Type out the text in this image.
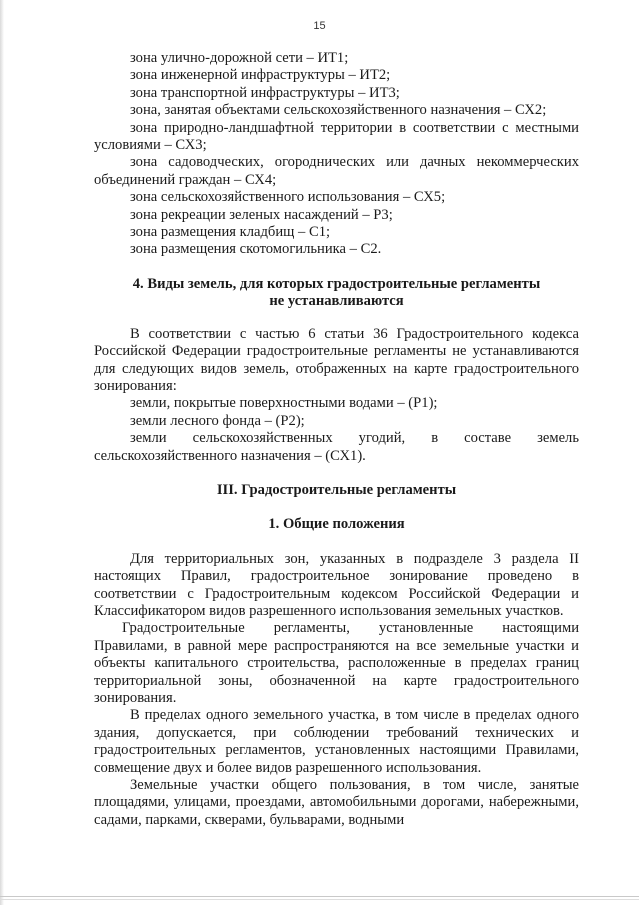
15

зона улично-дорожной сети – ИТ1;

зона инженерной инфраструктуры – ИТ2;

зона транспортной инфраструктуры – ИТ3;

зона, занятая объектами сельскохозяйственного назначения – СХ2;

зона природно-ландшафтной территории в соответствии с местными условиями – СХ3;

зона садоводческих, огороднических или дачных некоммерческих объединений граждан – СХ4;

зона сельскохозяйственного использования – СХ5;

зона рекреации зеленых насаждений – Р3;

зона размещения кладбищ – С1;

зона размещения скотомогильника – С2.

4. Виды земель, для которых градостроительные регламенты

не устанавливаются

В соответствии с частью 6 статьи 36 Градостроительного кодекса Российской Федерации градостроительные регламенты не устанавливаются для следующих видов земель, отображенных на карте градостроительного зонирования:

земли, покрытые поверхностными водами – (Р1);

земли лесного фонда – (Р2);

земли сельскохозяйственных угодий, в составе земель сельскохозяйственного назначения – (СХ1).

III. Градостроительные регламенты

1. Общие положения

Для территориальных зон, указанных в подразделе 3 раздела II настоящих Правил, градостроительное зонирование проведено в соответствии с Градостроительным кодексом Российской Федерации и Классификатором видов разрешенного использования земельных участков.

Градостроительные регламенты, установленные настоящими Правилами, в равной мере распространяются на все земельные участки и объекты капитального строительства, расположенные в пределах границ территориальной зоны, обозначенной на карте градостроительного зонирования.

В пределах одного земельного участка, в том числе в пределах одного здания, допускается, при соблюдении требований технических и градостроительных регламентов, установленных настоящими Правилами, совмещение двух и более видов разрешенного использования.

Земельные участки общего пользования, в том числе, занятые площадями, улицами, проездами, автомобильными дорогами, набережными, садами, парками, скверами, бульварами, водными
